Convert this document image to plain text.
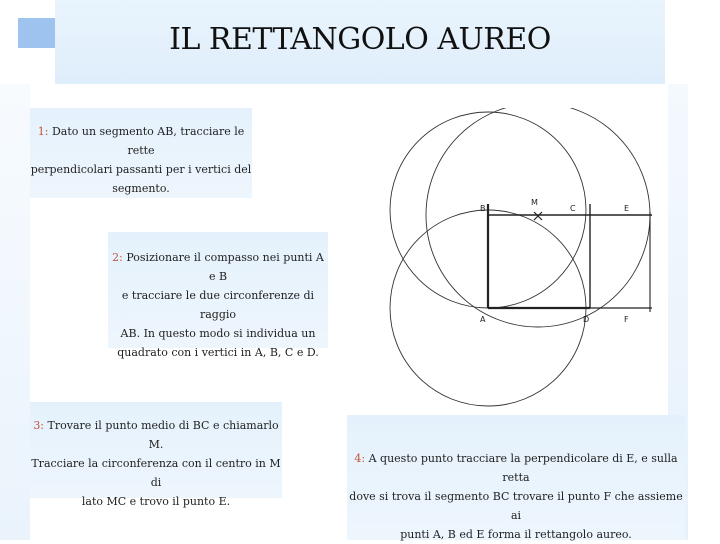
IL RETTANGOLO AUREO
1: Dato un segmento AB, tracciare le rette
perpendicolari passanti per i vertici del
segmento.
2: Posizionare il compasso nei punti A e B
e tracciare le due circonferenze di raggio
AB. In questo modo si individua un
quadrato con i vertici in A, B, C e D.
3: Trovare il punto medio di BC e chiamarlo M.
Tracciare la circonferenza con il centro in M di
lato MC e trovo il punto E.
4: A questo punto tracciare la perpendicolare di E, e sulla retta
dove si trova il segmento BC trovare il punto F che assieme ai
punti A, B ed E forma il rettangolo aureo.
B
M
C	E
A	D	F
